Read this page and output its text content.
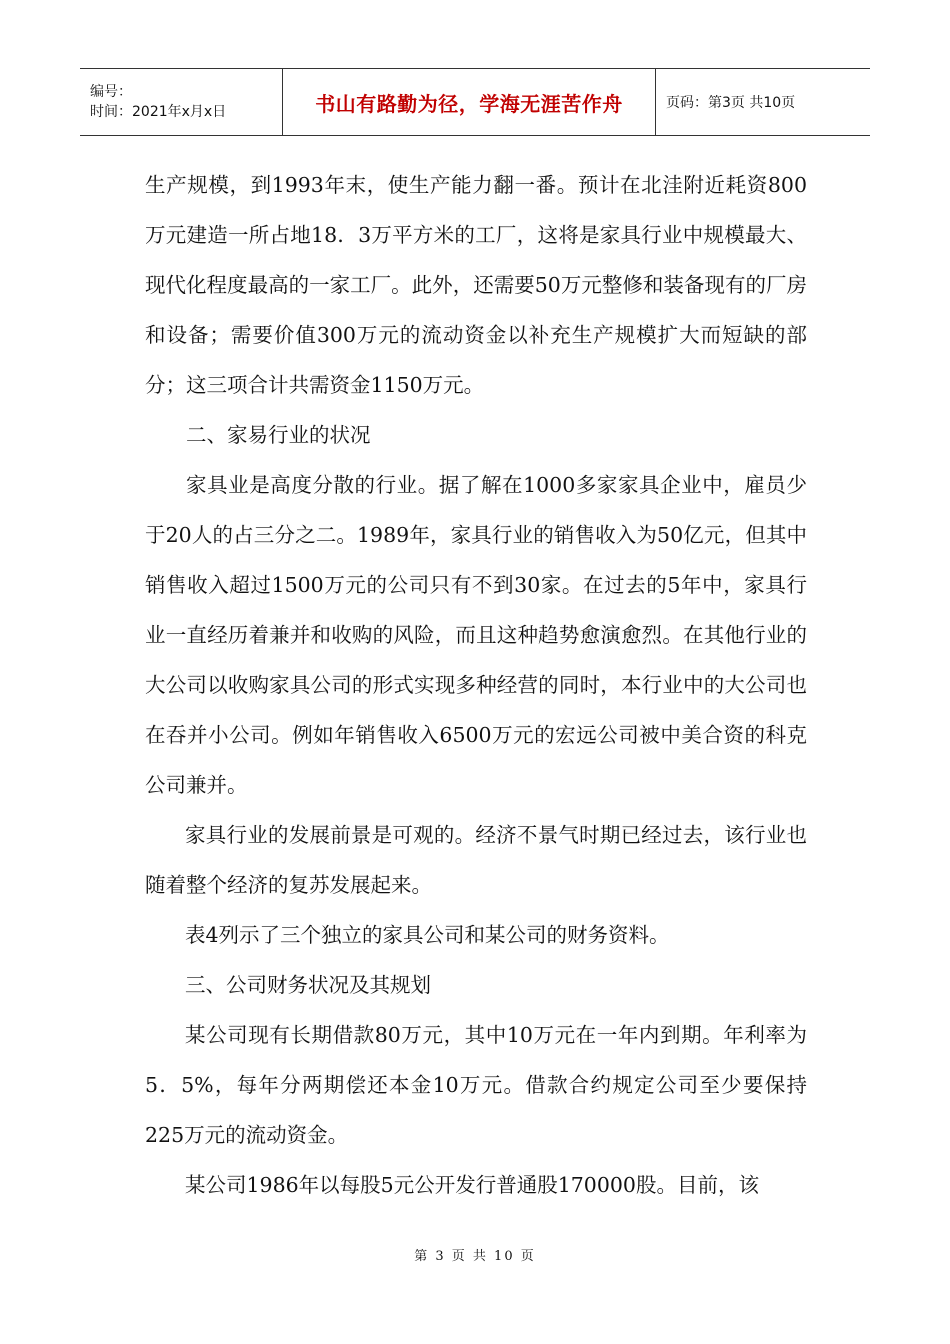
编号：
时间：2021年x月x日	书山有路勤为径，学海无涯苦作舟	页码：第3页 共10页

生产规模，到1993年末，使生产能力翻一番。预计在北洼附近耗资800万元建造一所占地18．3万平方米的工厂，这将是家具行业中规模最大、现代化程度最高的一家工厂。此外，还需要50万元整修和装备现有的厂房和设备；需要价值300万元的流动资金以补充生产规模扩大而短缺的部分；这三项合计共需资金1150万元。

二、家易行业的状况

家具业是高度分散的行业。据了解在1000多家家具企业中，雇员少于20人的占三分之二。1989年，家具行业的销售收入为50亿元，但其中销售收入超过1500万元的公司只有不到30家。在过去的5年中，家具行业一直经历着兼并和收购的风险，而且这种趋势愈演愈烈。在其他行业的大公司以收购家具公司的形式实现多种经营的同时，本行业中的大公司也在吞并小公司。例如年销售收入6500万元的宏远公司被中美合资的科克公司兼并。

家具行业的发展前景是可观的。经济不景气时期已经过去，该行业也随着整个经济的复苏发展起来。

表4列示了三个独立的家具公司和某公司的财务资料。

三、公司财务状况及其规划

某公司现有长期借款80万元，其中10万元在一年内到期。年利率为 5．5%，每年分两期偿还本金10万元。借款合约规定公司至少要保持225万元的流动资金。

某公司1986年以每股5元公开发行普通股170000股。目前，该

第 3 页 共 10 页
